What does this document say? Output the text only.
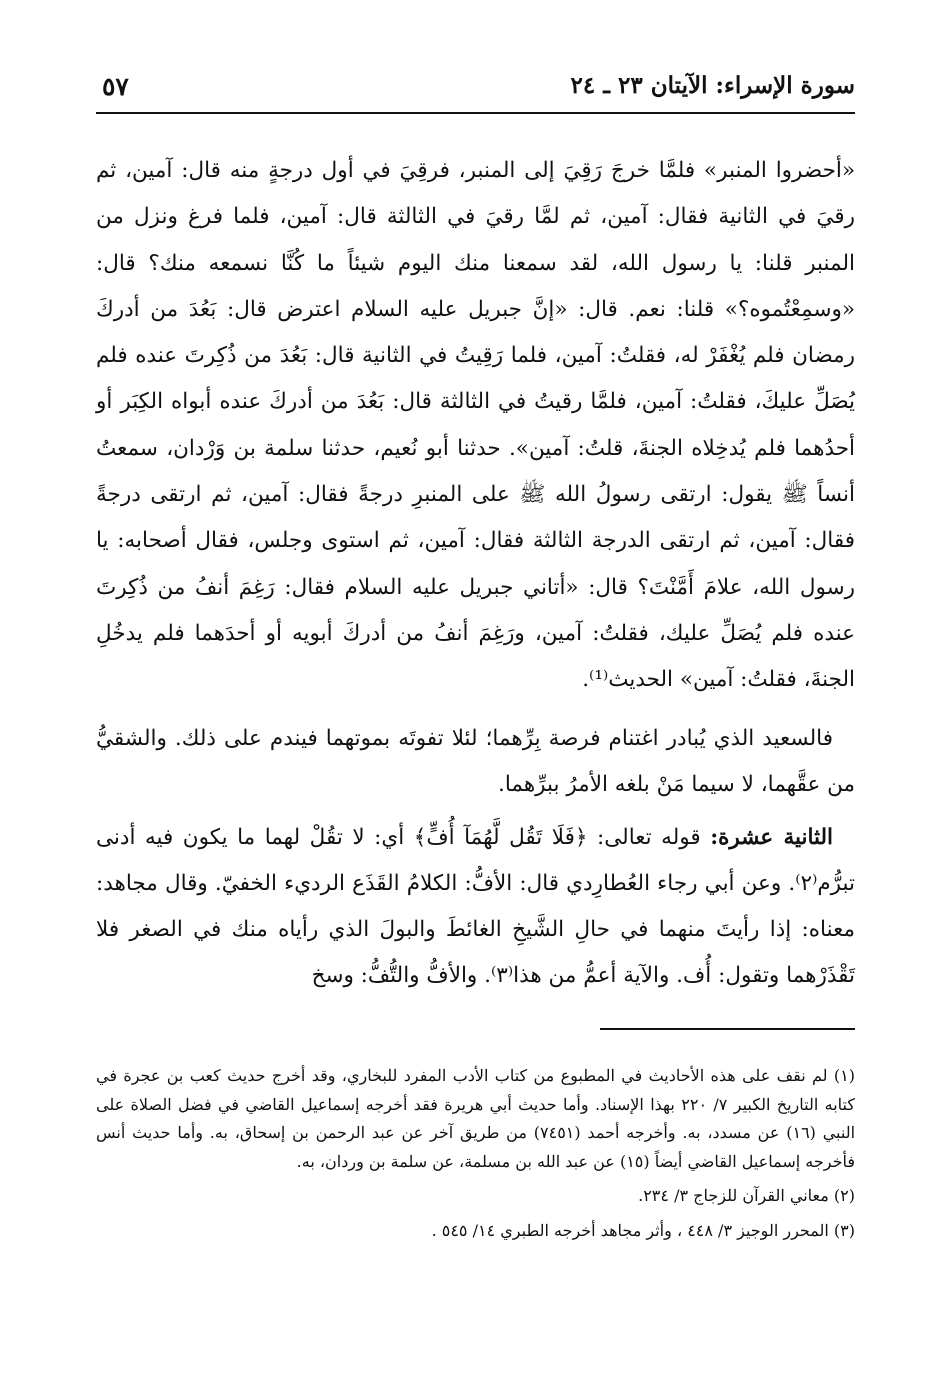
سورة الإسراء: الآيتان ٢٣ ـ ٢٤
٥٧

«أحضروا المنبر» فلمَّا خرجَ رَقِيَ إلى المنبر، فرقِيَ في أول درجةٍ منه قال: آمين، ثم رقيَ في الثانية فقال: آمين، ثم لمَّا رقيَ في الثالثة قال: آمين، فلما فرغ ونزل من المنبر قلنا: يا رسول الله، لقد سمعنا منك اليوم شيئاً ما كُنَّا نسمعه منك؟ قال: «وسمِعْتُموه؟» قلنا: نعم. قال: «إنَّ جبريل عليه السلام اعترض قال: بَعُدَ من أدركَ رمضان فلم يُغْفَرْ له، فقلتُ: آمين، فلما رَقِيتُ في الثانية قال: بَعُدَ من ذُكِرتَ عنده فلم يُصَلِّ عليكَ، فقلتُ: آمين، فلمَّا رقيتُ في الثالثة قال: بَعُدَ من أدركَ عنده أبواه الكِبَر أو أحدُهما فلم يُدخِلاه الجنةَ، قلتُ: آمين». حدثنا أبو نُعيم، حدثنا سلمة بن وَرْدان، سمعتُ أنساً ﷺ يقول: ارتقى رسولُ الله ﷺ على المنبرِ درجةً فقال: آمين، ثم ارتقى درجةً فقال: آمين، ثم ارتقى الدرجة الثالثة فقال: آمين، ثم استوى وجلس، فقال أصحابه: يا رسول الله، علامَ أَمَّنْتَ؟ قال: «أتاني جبريل عليه السلام فقال: رَغِمَ أنفُ من ذُكِرتَ عنده فلم يُصَلِّ عليك، فقلتُ: آمين، ورَغِمَ أنفُ من أدركَ أبويه أو أحدَهما فلم يدخُلِ الجنةَ، فقلتُ: آمين» الحديث⁽¹⁾.

فالسعيد الذي يُبادر اغتنام فرصة بِرِّهما؛ لئلا تفوتَه بموتهما فيندم على ذلك. والشقيُّ من عقَّهما، لا سيما مَنْ بلغه الأمرُ ببرِّهما.

الثانية عشرة: قوله تعالى: ﴿فَلَا تَقُل لَّهُمَآ أُفٍّ﴾ أي: لا تقُلْ لهما ما يكون فيه أدنى تبرُّم⁽٢⁾. وعن أبي رجاء العُطارِدي قال: الأفُّ: الكلامُ القَذَع الرديء الخفيّ. وقال مجاهد: معناه: إذا رأيتَ منهما في حالِ الشَّيخِ الغائطَ والبولَ الذي رأياه منك في الصغر فلا تَقْذَرْهما وتقول: أُف. والآية أعمُّ من هذا⁽٣⁾. والأفُّ والتُّفُّ: وسخ

(١) لم نقف على هذه الأحاديث في المطبوع من كتاب الأدب المفرد للبخاري، وقد أخرج حديث كعب بن عجرة في كتابه التاريخ الكبير ٧/ ٢٢٠ بهذا الإسناد. وأما حديث أبي هريرة فقد أخرجه إسماعيل القاضي في فضل الصلاة على النبي (١٦) عن مسدد، به. وأخرجه أحمد (٧٤٥١) من طريق آخر عن عبد الرحمن بن إسحاق، به. وأما حديث أنس فأخرجه إسماعيل القاضي أيضاً (١٥) عن عبد الله بن مسلمة، عن سلمة بن وردان، به.

(٢) معاني القرآن للزجاج ٣/ ٢٣٤.

(٣) المحرر الوجيز ٣/ ٤٤٨ ، وأثر مجاهد أخرجه الطبري ١٤/ ٥٤٥ .
